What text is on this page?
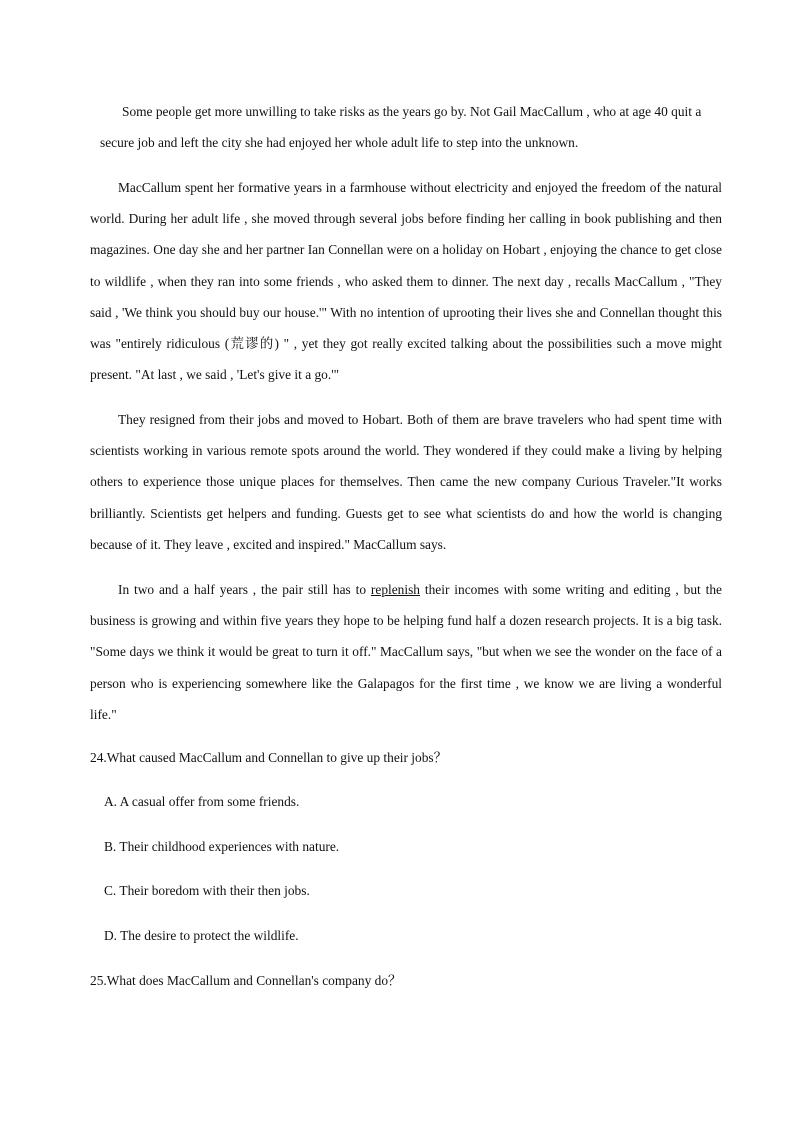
Some people get more unwilling to take risks as the years go by. Not Gail MacCallum , who at age 40 quit a secure job and left the city she had enjoyed her whole adult life to step into the unknown.

MacCallum spent her formative years in a farmhouse without electricity and enjoyed the freedom of the natural world. During her adult life , she moved through several jobs before finding her calling in book publishing and then magazines. One day she and her partner Ian Connellan were on a holiday on Hobart , enjoying the chance to get close to wildlife , when they ran into some friends , who asked them to dinner. The next day , recalls MacCallum , "They said , 'We think you should buy our house.'" With no intention of uprooting their lives she and Connellan thought this was "entirely ridiculous (荒谬的) " , yet they got really excited talking about the possibilities such a move might present. "At last , we said , 'Let's give it a go.'"

They resigned from their jobs and moved to Hobart. Both of them are brave travelers who had spent time with scientists working in various remote spots around the world. They wondered if they could make a living by helping others to experience those unique places for themselves. Then came the new company Curious Traveler."It works brilliantly. Scientists get helpers and funding. Guests get to see what scientists do and how the world is changing because of it. They leave , excited and inspired." MacCallum says.

In two and a half years , the pair still has to replenish their incomes with some writing and editing , but the business is growing and within five years they hope to be helping fund half a dozen research projects. It is a big task. "Some days we think it would be great to turn it off." MacCallum says, "but when we see the wonder on the face of a person who is experiencing somewhere like the Galapagos for the first time , we know we are living a wonderful life."

24.What caused MacCallum and Connellan to give up their jobs？

A. A casual offer from some friends.

B. Their childhood experiences with nature.

C. Their boredom with their then jobs.

D. The desire to protect the wildlife.

25.What does MacCallum and Connellan's company do？
